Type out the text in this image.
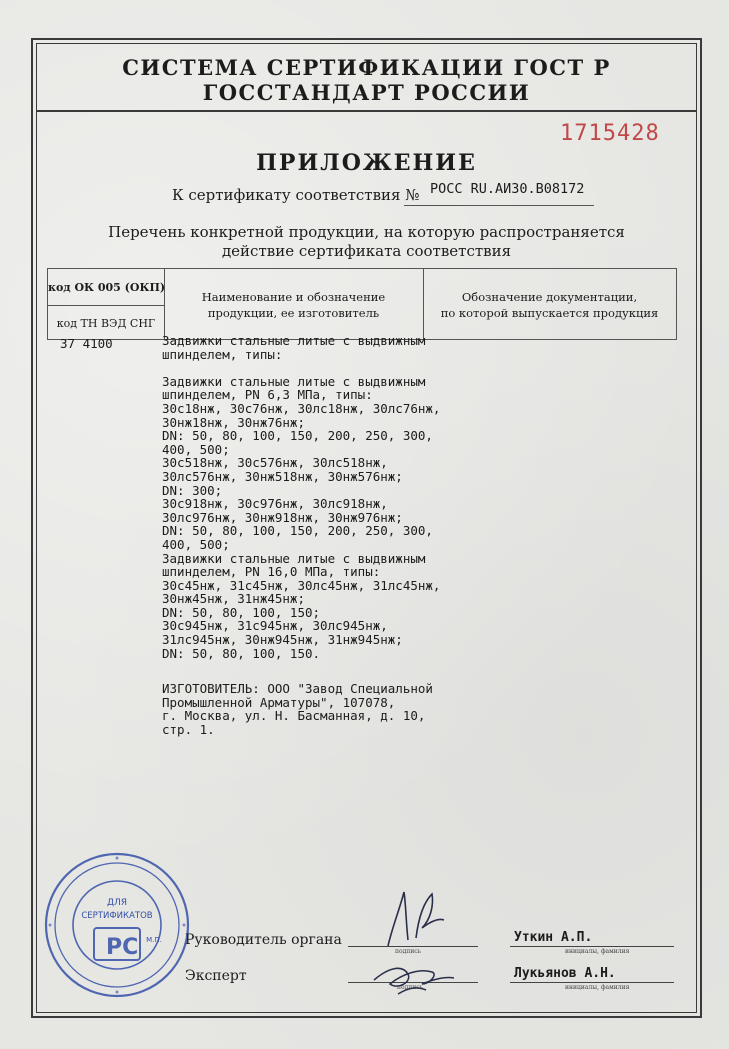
СИСТЕМА СЕРТИФИКАЦИИ ГОСТ Р
ГОССТАНДАРТ РОССИИ
1715428
ПРИЛОЖЕНИЕ
К сертификату соответствия № РОСС RU.АИ30.В08172
Перечень конкретной продукции, на которую распространяется
действие сертификата соответствия
код ОК 005 (ОКП)
код ТН ВЭД СНГ
Наименование и обозначение
продукции, ее изготовитель
Обозначение документации,
по которой выпускается продукция
37 4100	Задвижки стальные литые с выдвижным
шпинделем, типы:

Задвижки стальные литые с выдвижным
шпинделем, PN 6,3 МПа, типы:
30с18нж, 30с76нж, 30лс18нж, 30лс76нж,
30нж18нж, 30нж76нж;
DN: 50, 80, 100, 150, 200, 250, 300,
400, 500;
30с518нж, 30с576нж, 30лс518нж,
30лс576нж, 30нж518нж, 30нж576нж;
DN: 300;
30с918нж, 30с976нж, 30лс918нж,
30лс976нж, 30нж918нж, 30нж976нж;
DN: 50, 80, 100, 150, 200, 250, 300,
400, 500;
Задвижки стальные литые с выдвижным
шпинделем, PN 16,0 МПа, типы:
30с45нж, 31с45нж, 30лс45нж, 31лс45нж,
30нж45нж, 31нж45нж;
DN: 50, 80, 100, 150;
30с945нж, 31с945нж, 30лс945нж,
31лс945нж, 30нж945нж, 31нж945нж;
DN: 50, 80, 100, 150.
ИЗГОТОВИТЕЛЬ: ООО "Завод Специальной
Промышленной Арматуры", 107078,
г. Москва, ул. Н. Басманная, д. 10,
стр. 1.
PC
ДЛЯ
СЕРТИФИКАТОВ
М.П. Руководитель органа
подпись
Уткин А.П.
инициалы, фамилия
Эксперт
подпись
Лукьянов А.Н.
инициалы, фамилия
